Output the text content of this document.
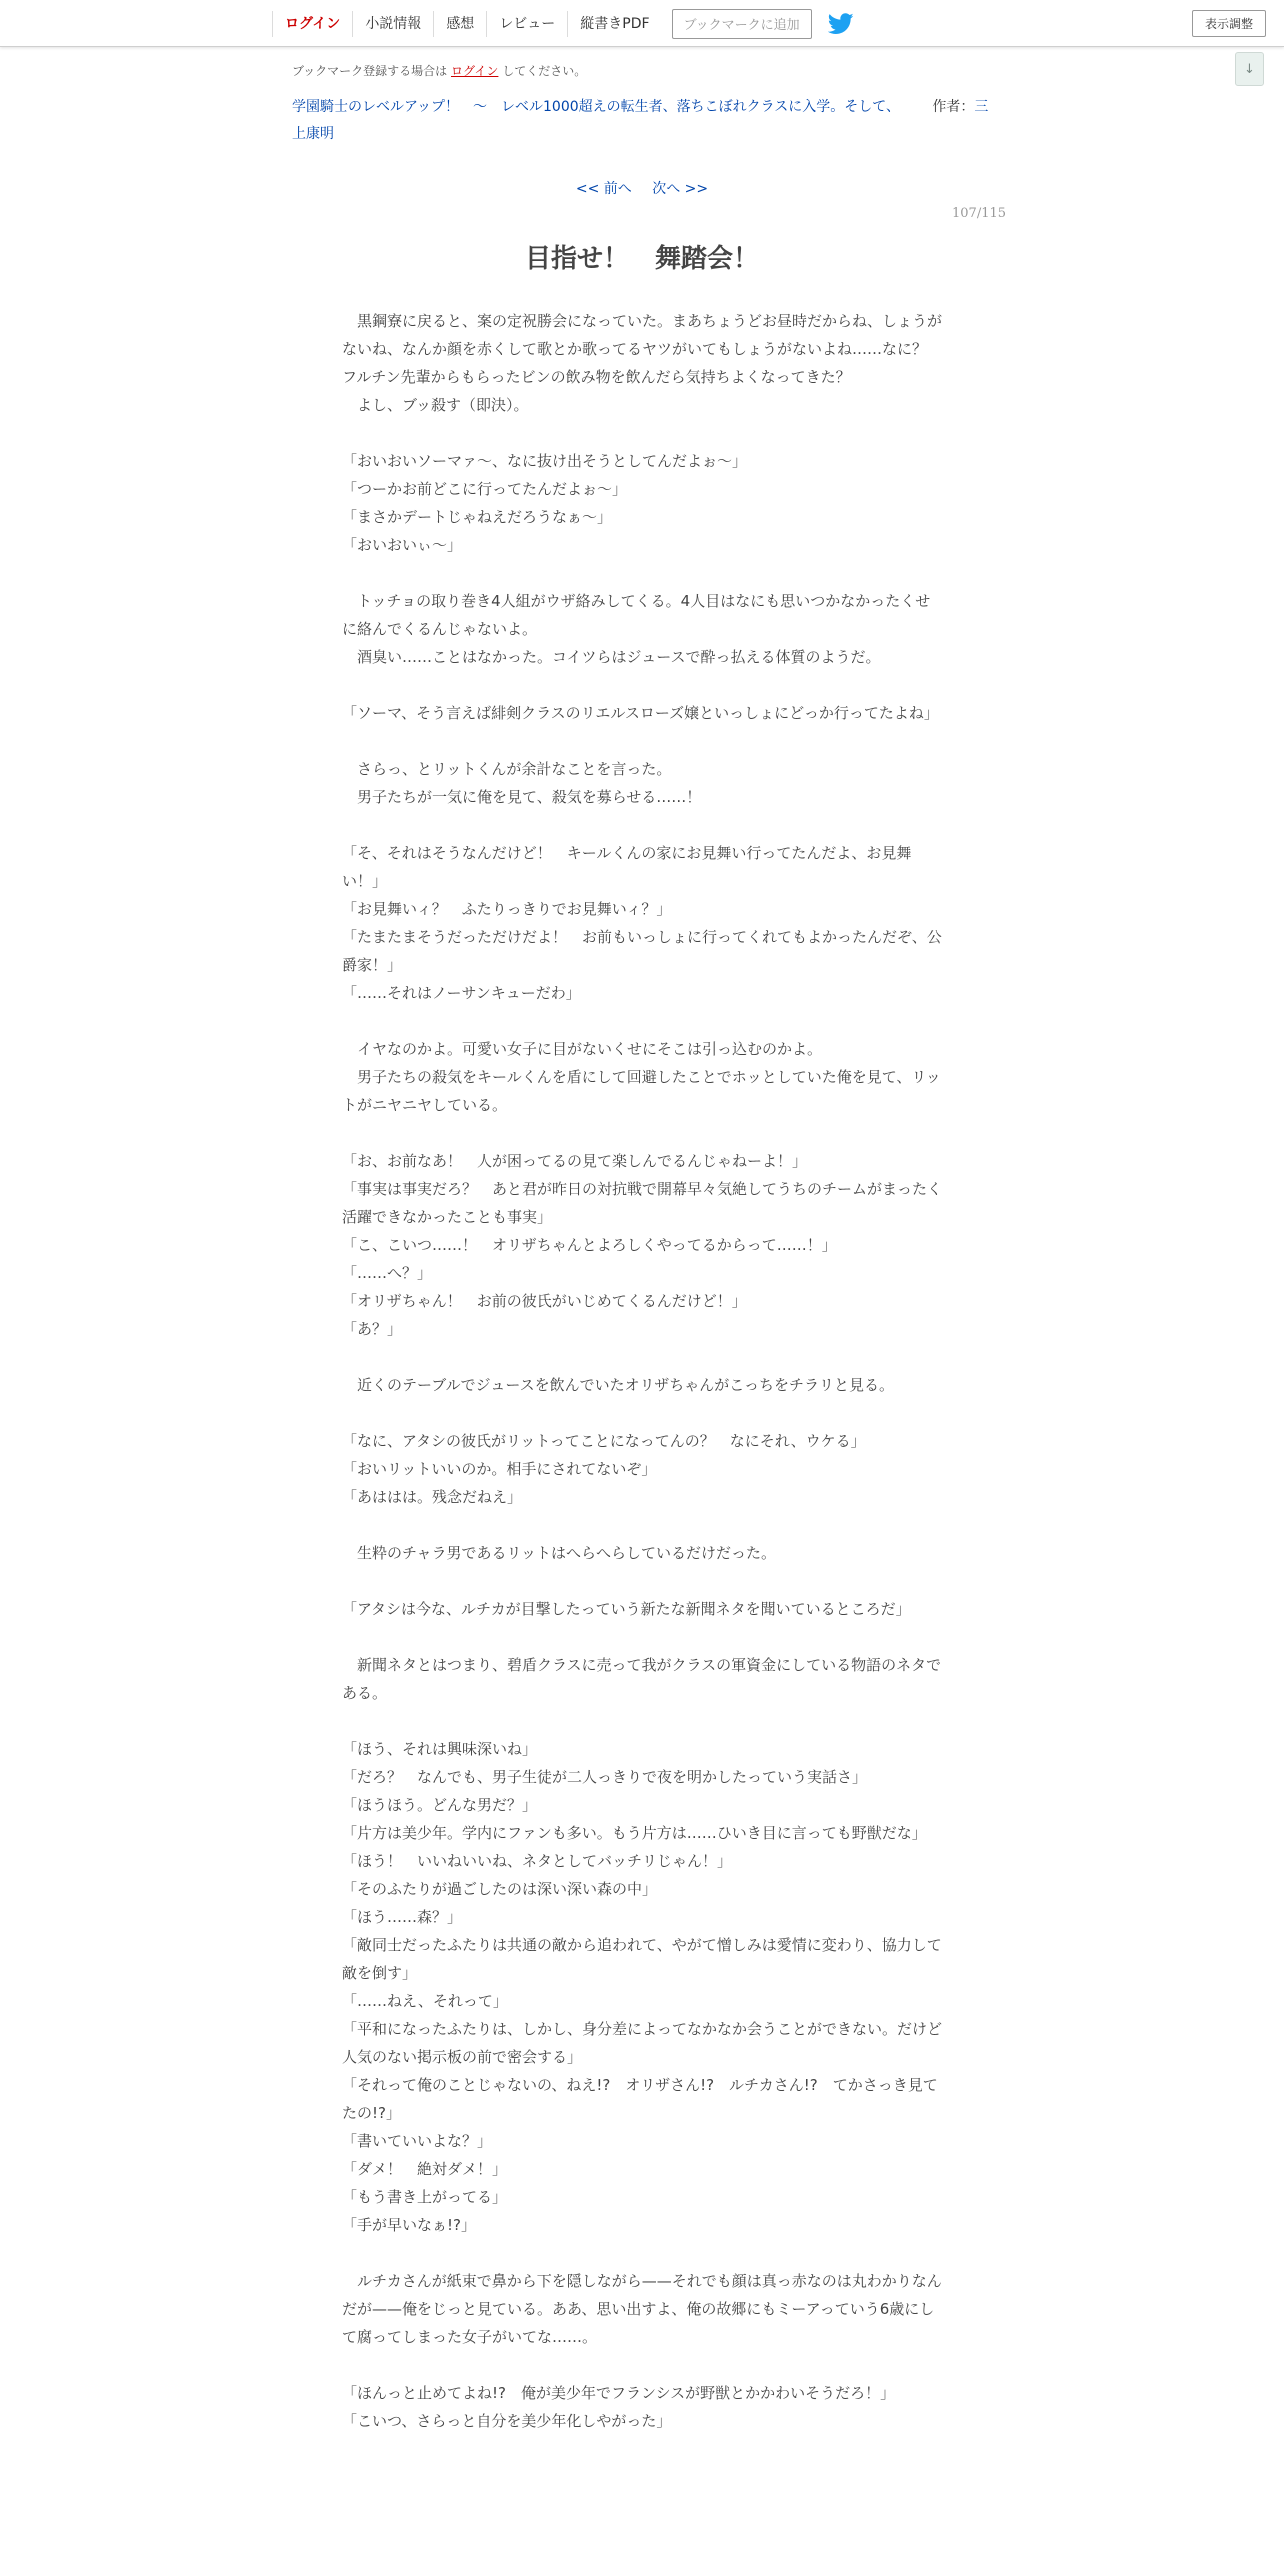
ログイン	小説情報	感想	レビュー	縦書きPDF	ブックマークに追加	表示調整
↓
ブックマーク登録する場合は ログイン してください。
学園騎士のレベルアップ！　〜　レベル1000超えの転生者、落ちこぼれクラスに入学。そして、 作者：三上康明
<< 前へ 次へ >>
107/115
目指せ！　舞踏会！

　黒鋼寮に戻ると、案の定祝勝会になっていた。まあちょうどお昼時だからね、しょうがないね、なんか顔を赤くして歌とか歌ってるヤツがいてもしょうがないよね……なに？　フルチン先輩からもらったビンの飲み物を飲んだら気持ちよくなってきた？

　よし、ブッ殺す（即決）。

「おいおいソーマァ〜、なに抜け出そうとしてんだよぉ〜」

「つーかお前どこに行ってたんだよぉ〜」

「まさかデートじゃねえだろうなぁ〜」

「おいおいぃ〜」

　トッチョの取り巻き4人組がウザ絡みしてくる。4人目はなにも思いつかなかったくせに絡んでくるんじゃないよ。

　酒臭い……ことはなかった。コイツらはジュースで酔っ払える体質のようだ。

「ソーマ、そう言えば緋剣クラスのリエルスローズ嬢といっしょにどっか行ってたよね」

　さらっ、とリットくんが余計なことを言った。

　男子たちが一気に俺を見て、殺気を募らせる……！

「そ、それはそうなんだけど！　キールくんの家にお見舞い行ってたんだよ、お見舞い！」

「お見舞いィ？　ふたりっきりでお見舞いィ？」

「たまたまそうだっただけだよ！　お前もいっしょに行ってくれてもよかったんだぞ、公爵家！」

「……それはノーサンキューだわ」

　イヤなのかよ。可愛い女子に目がないくせにそこは引っ込むのかよ。

　男子たちの殺気をキールくんを盾にして回避したことでホッとしていた俺を見て、リットがニヤニヤしている。

「お、お前なあ！　人が困ってるの見て楽しんでるんじゃねーよ！」

「事実は事実だろ？　あと君が昨日の対抗戦で開幕早々気絶してうちのチームがまったく活躍できなかったことも事実」

「こ、こいつ……！　オリザちゃんとよろしくやってるからって……！」

「……へ？」

「オリザちゃん！　お前の彼氏がいじめてくるんだけど！」

「あ？」

　近くのテーブルでジュースを飲んでいたオリザちゃんがこっちをチラリと見る。

「なに、アタシの彼氏がリットってことになってんの？　なにそれ、ウケる」

「おいリットいいのか。相手にされてないぞ」

「あははは。残念だねえ」

　生粋のチャラ男であるリットはへらへらしているだけだった。

「アタシは今な、ルチカが目撃したっていう新たな新聞ネタを聞いているところだ」

　新聞ネタとはつまり、碧盾クラスに売って我がクラスの軍資金にしている物語のネタである。

「ほう、それは興味深いね」

「だろ？　なんでも、男子生徒が二人っきりで夜を明かしたっていう実話さ」

「ほうほう。どんな男だ？」

「片方は美少年。学内にファンも多い。もう片方は……ひいき目に言っても野獣だな」

「ほう！　いいねいいね、ネタとしてバッチリじゃん！」

「そのふたりが過ごしたのは深い深い森の中」

「ほう……森？」

「敵同士だったふたりは共通の敵から追われて、やがて憎しみは愛情に変わり、協力して敵を倒す」

「……ねえ、それって」

「平和になったふたりは、しかし、身分差によってなかなか会うことができない。だけど人気のない掲示板の前で密会する」

「それって俺のことじゃないの、ねえ!?　オリザさん!?　ルチカさん!?　てかさっき見てたの!?」

「書いていいよな？」

「ダメ！　絶対ダメ！」

「もう書き上がってる」

「手が早いなぁ!?」

　ルチカさんが紙束で鼻から下を隠しながら——それでも顔は真っ赤なのは丸わかりなんだが——俺をじっと見ている。ああ、思い出すよ、俺の故郷にもミーアっていう6歳にして腐ってしまった女子がいてな……。

「ほんっと止めてよね!?　俺が美少年でフランシスが野獣とかかわいそうだろ！」

「こいつ、さらっと自分を美少年化しやがった」
